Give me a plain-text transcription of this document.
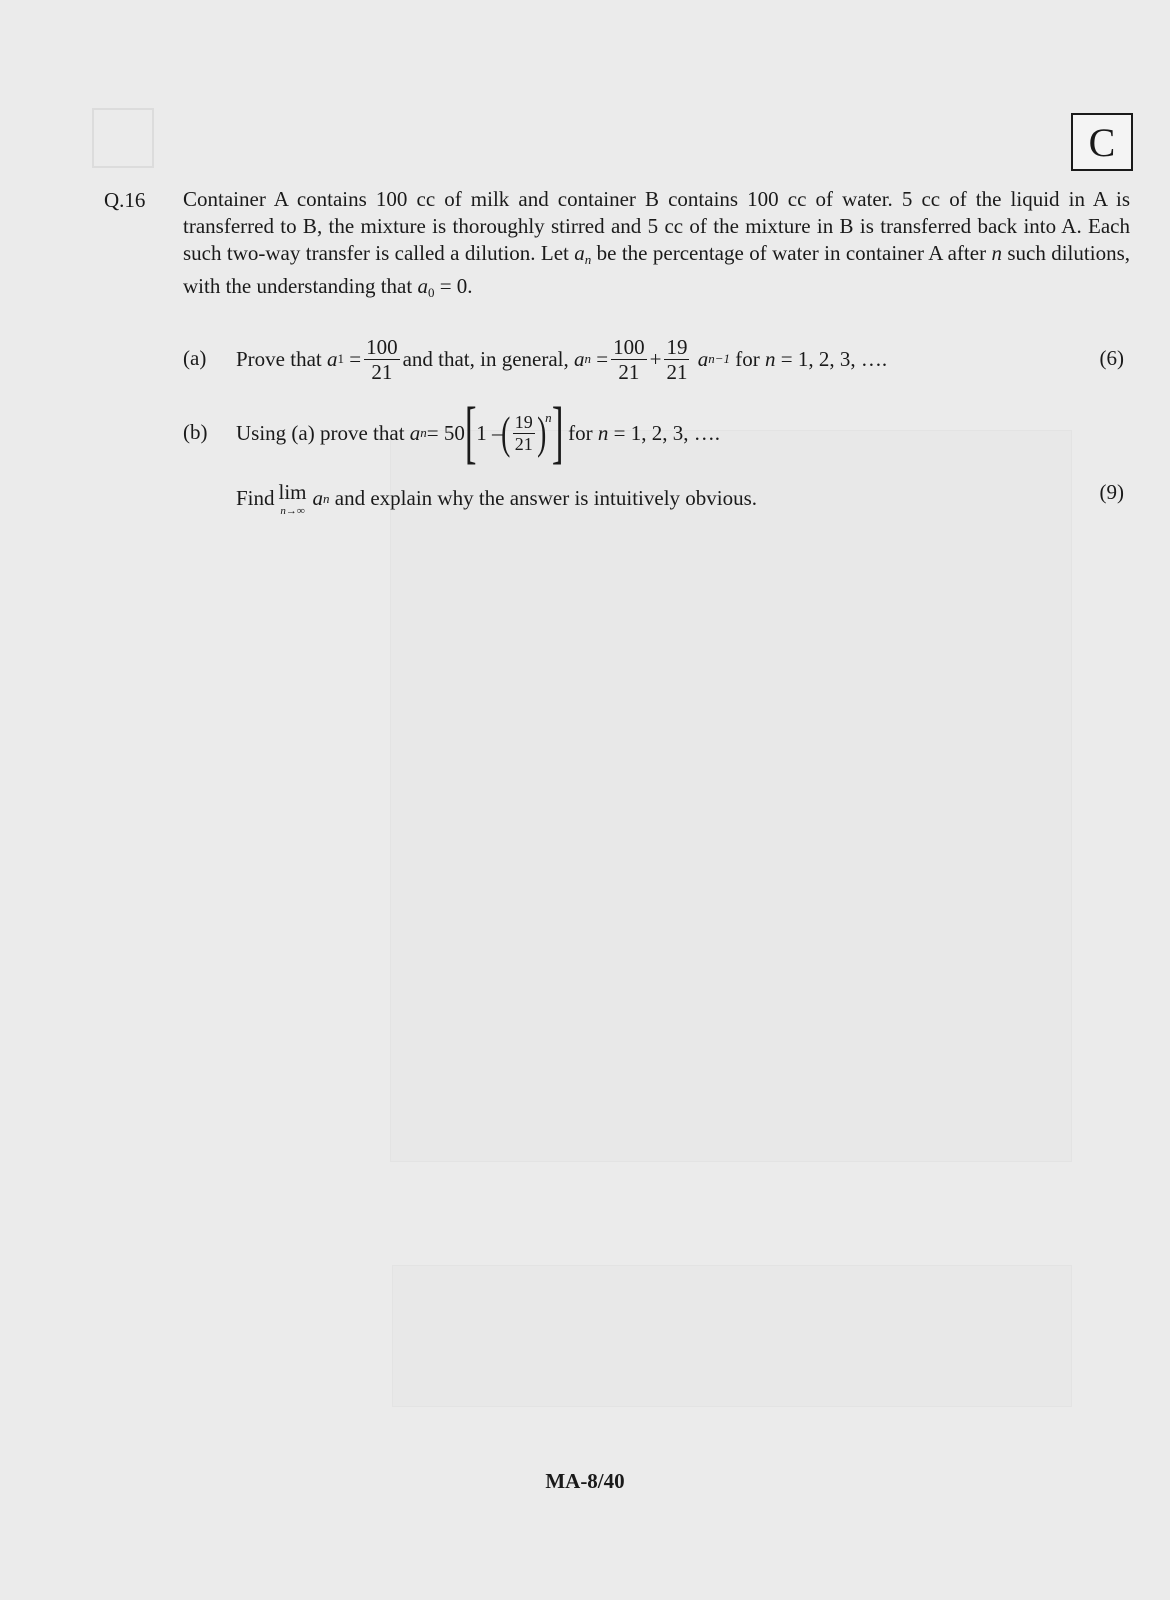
C
Q.16 Container A contains 100 cc of milk and container B contains 100 cc of water. 5 cc of the liquid in A is transferred to B, the mixture is thoroughly stirred and 5 cc of the mixture in B is transferred back into A. Each such two-way transfer is called a dilution. Let $a_n$ be the percentage of water in container A after n such dilutions, with the understanding that $a_0 = 0$.
(a) Prove that
a 1
= $\frac{100}{21}$ and that, in general,
a n
= $\frac{100}{21} + \frac{19}{21}$
a n−1
for
n
= 1, 2, 3, ….	(6)
(b) Using (a) prove that
a n = 50 [ 1 – ( $\frac{19}{21}$ ) n ]
for
n
= 1, 2, 3, ….
Find lim
n→∞
a n
and explain why the answer is intuitively obvious.	(9)
MA-8/40
